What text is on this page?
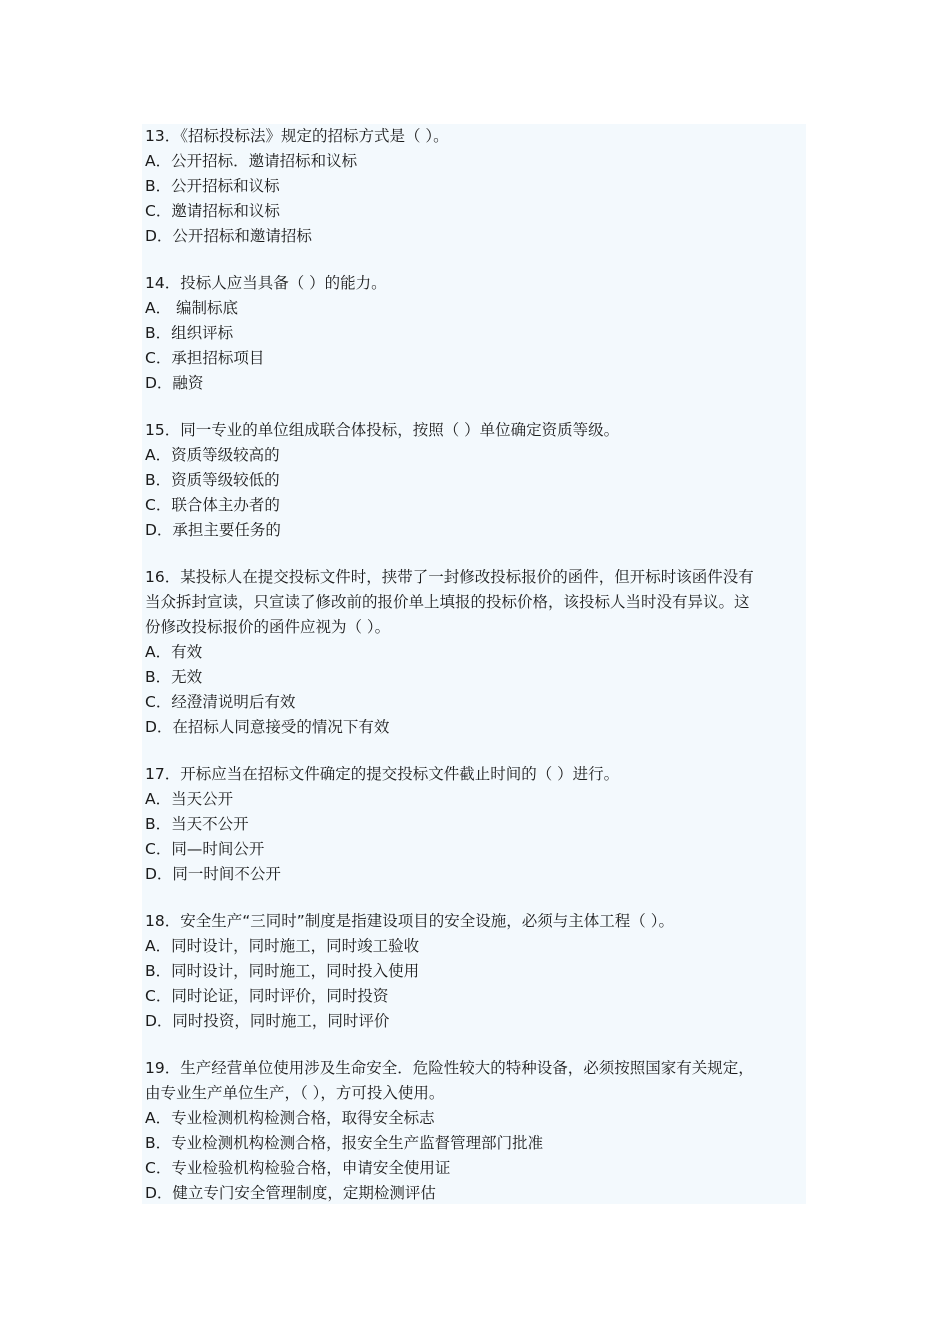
13．《招标投标法》规定的招标方式是（ ）。
A．公开招标．邀请招标和议标
B．公开招标和议标
C．邀请招标和议标
D．公开招标和邀请招标
14．投标人应当具备（ ）的能力。
A． 编制标底
B．组织评标
C．承担招标项目
D．融资
15．同一专业的单位组成联合体投标，按照（ ）单位确定资质等级。
A．资质等级较高的
B．资质等级较低的
C．联合体主办者的
D．承担主要任务的
16．某投标人在提交投标文件时，挟带了一封修改投标报价的函件，但开标时该函件没有
当众拆封宣读，只宣读了修改前的报价单上填报的投标价格，该投标人当时没有异议。这
份修改投标报价的函件应视为（ ）。
A．有效
B．无效
C．经澄清说明后有效
D．在招标人同意接受的情况下有效
17．开标应当在招标文件确定的提交投标文件截止时间的（ ）进行。
A．当天公开
B．当天不公开
C．同—时间公开
D．同一时间不公开
18．安全生产“三同时”制度是指建设项目的安全设施，必须与主体工程（ ）。
A．同时设计，同时施工，同时竣工验收
B．同时设计，同时施工，同时投入使用
C．同时论证，同时评价，同时投资
D．同时投资，同时施工，同时评价
19．生产经营单位使用涉及生命安全．危险性较大的特种设备，必须按照国家有关规定，
由专业生产单位生产，（ ），方可投入使用。
A．专业检测机构检测合格，取得安全标志
B．专业检测机构检测合格，报安全生产监督管理部门批准
C．专业检验机构检验合格，申请安全使用证
D．健立专门安全管理制度，定期检测评估
